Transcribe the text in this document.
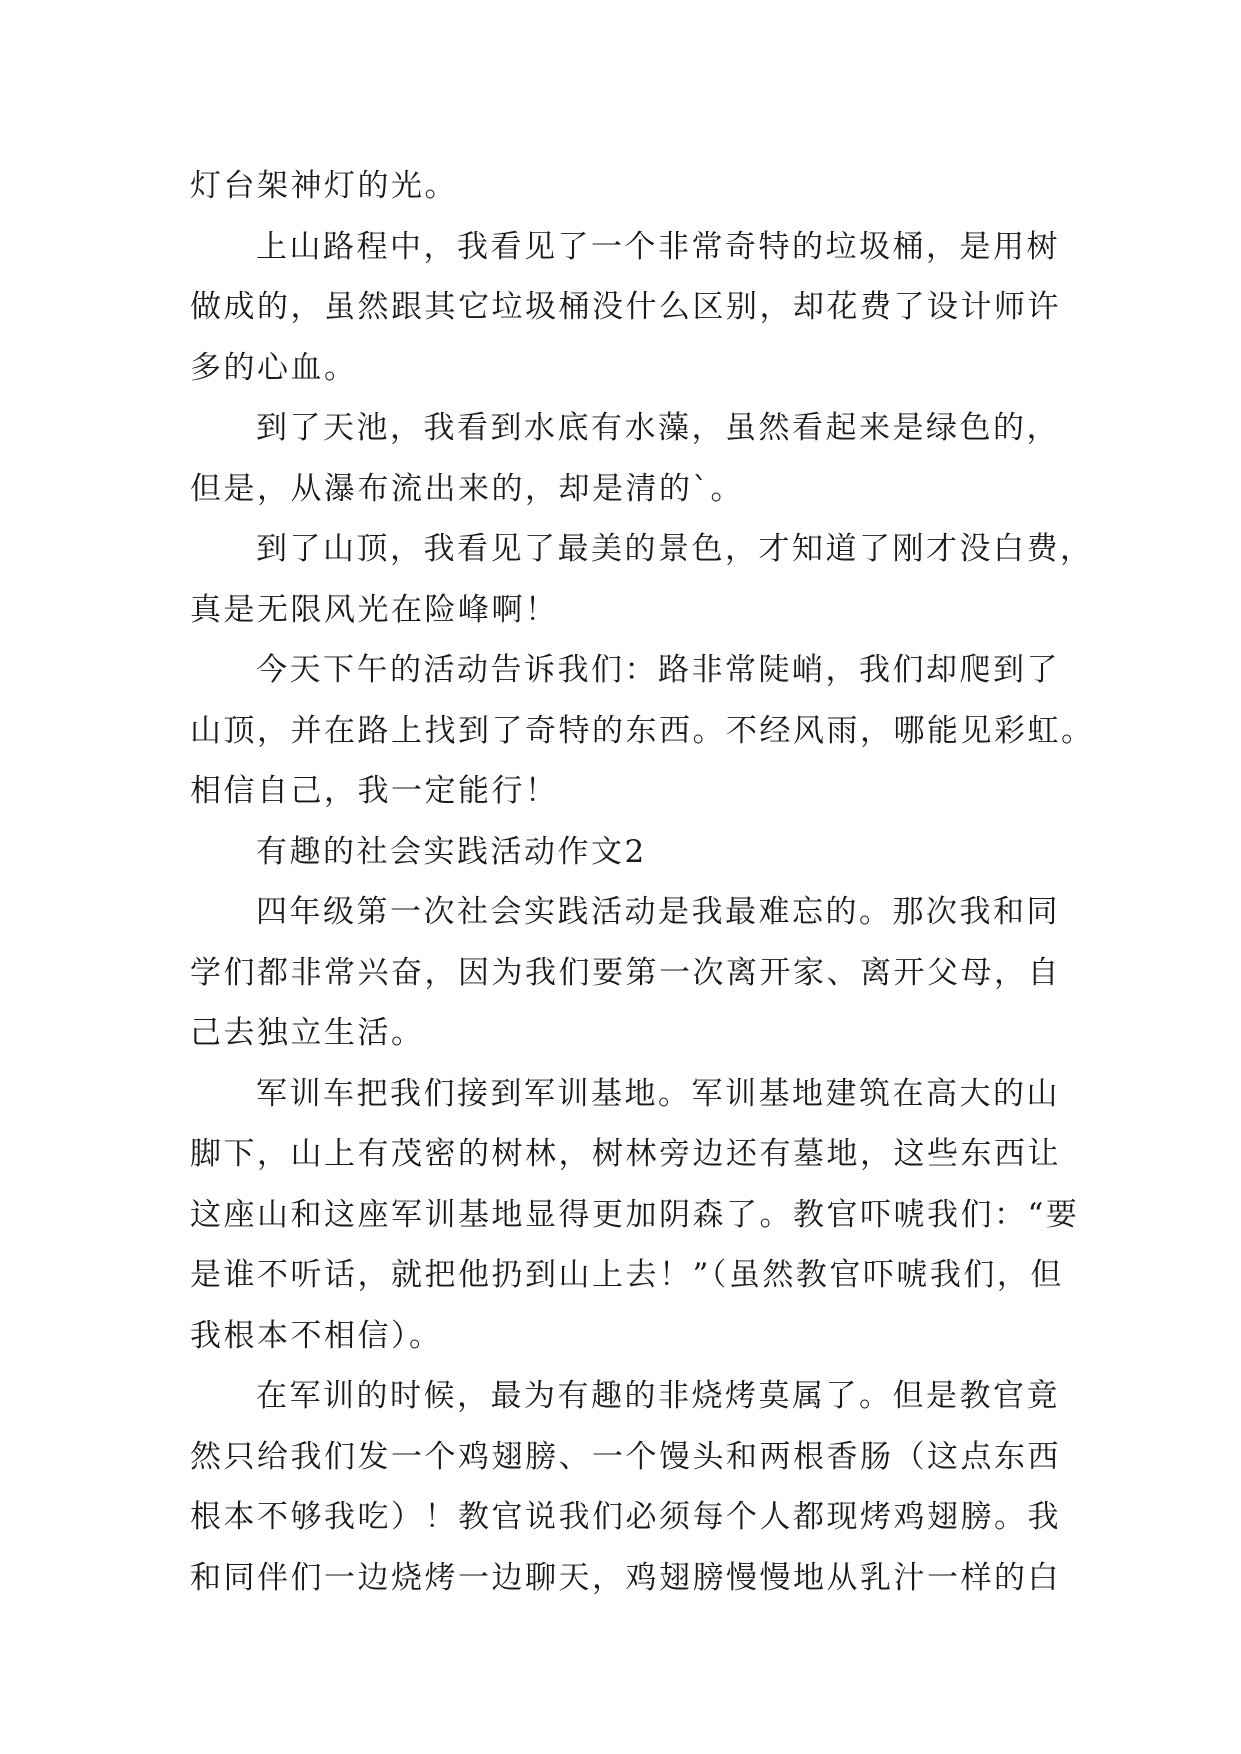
灯台架神灯的光。
上山路程中，我看见了一个非常奇特的垃圾桶，是用树
做成的，虽然跟其它垃圾桶没什么区别，却花费了设计师许
多的心血。
到了天池，我看到水底有水藻，虽然看起来是绿色的，
但是，从瀑布流出来的，却是清的`。
到了山顶，我看见了最美的景色，才知道了刚才没白费，
真是无限风光在险峰啊！
今天下午的活动告诉我们：路非常陡峭，我们却爬到了
山顶，并在路上找到了奇特的东西。不经风雨，哪能见彩虹。
相信自己，我一定能行！
有趣的社会实践活动作文2
四年级第一次社会实践活动是我最难忘的。那次我和同
学们都非常兴奋，因为我们要第一次离开家、离开父母，自
己去独立生活。
军训车把我们接到军训基地。军训基地建筑在高大的山
脚下，山上有茂密的树林，树林旁边还有墓地，这些东西让
这座山和这座军训基地显得更加阴森了。教官吓唬我们：“要
是谁不听话，就把他扔到山上去！”（虽然教官吓唬我们，但
我根本不相信）。
在军训的时候，最为有趣的非烧烤莫属了。但是教官竟
然只给我们发一个鸡翅膀、一个馒头和两根香肠（这点东西
根本不够我吃）！教官说我们必须每个人都现烤鸡翅膀。我
和同伴们一边烧烤一边聊天，鸡翅膀慢慢地从乳汁一样的白
